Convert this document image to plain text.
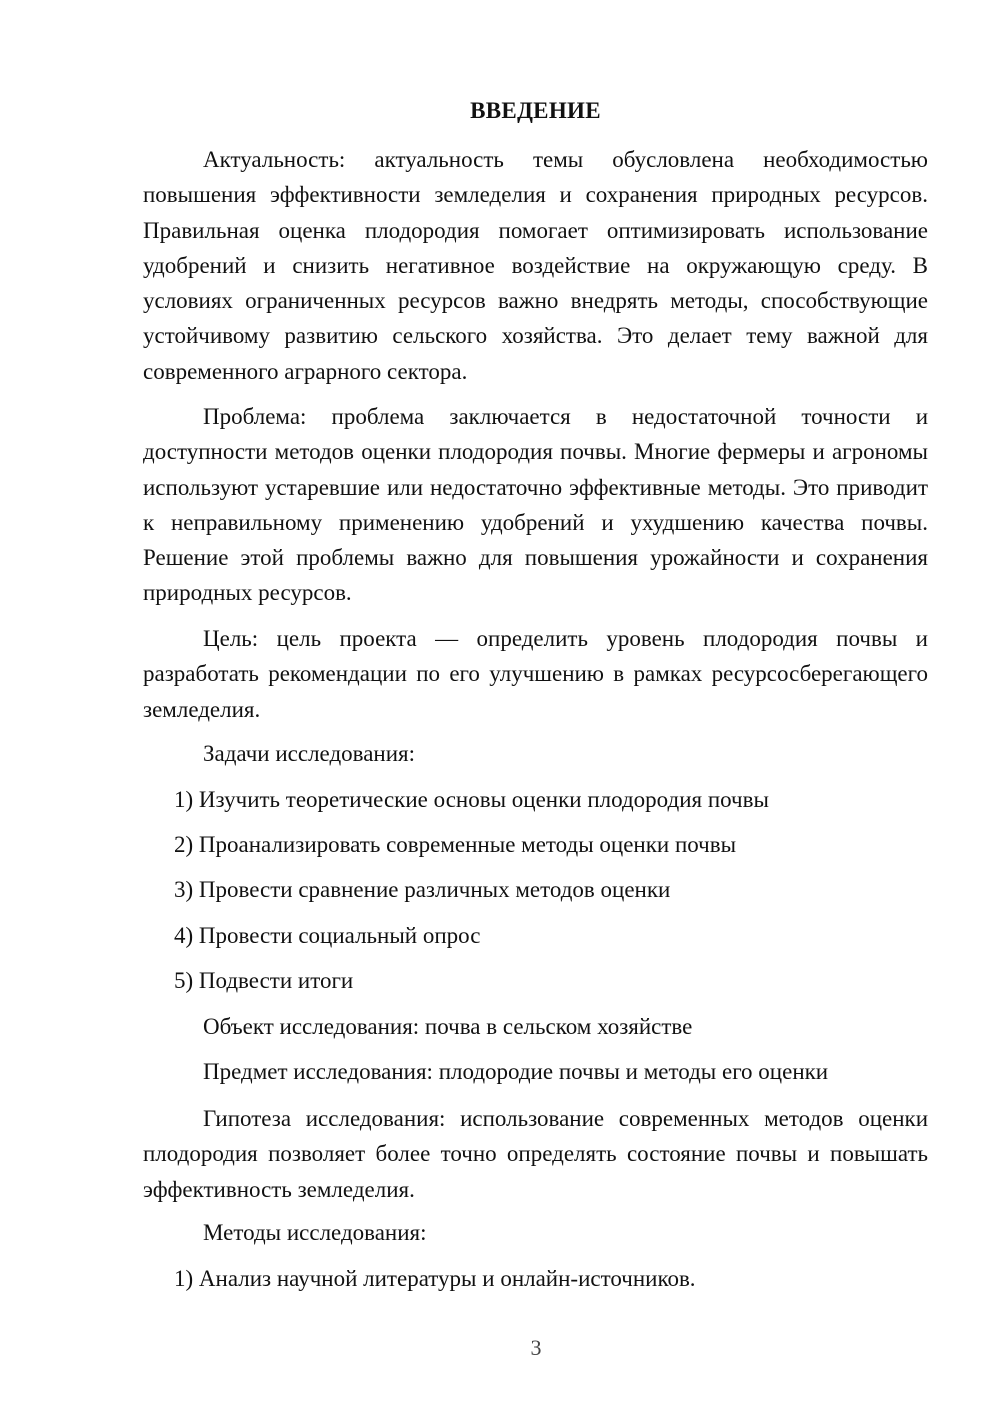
ВВЕДЕНИЕ

Актуальность: актуальность темы обусловлена необходимостью повышения эффективности земледелия и сохранения природных ресурсов. Правильная оценка плодородия помогает оптимизировать использование удобрений и снизить негативное воздействие на окружающую среду. В условиях ограниченных ресурсов важно внедрять методы, способствующие устойчивому развитию сельского хозяйства. Это делает тему важной для современного аграрного сектора.

Проблема: проблема заключается в недостаточной точности и доступности методов оценки плодородия почвы. Многие фермеры и агрономы используют устаревшие или недостаточно эффективные методы. Это приводит к неправильному применению удобрений и ухудшению качества почвы. Решение этой проблемы важно для повышения урожайности и сохранения природных ресурсов.

Цель: цель проекта — определить уровень плодородия почвы и разработать рекомендации по его улучшению в рамках ресурсосберегающего земледелия.

Задачи исследования:

1) Изучить теоретические основы оценки плодородия почвы

2) Проанализировать современные методы оценки почвы

3) Провести сравнение различных методов оценки

4) Провести социальный опрос

5) Подвести итоги

Объект исследования: почва в сельском хозяйстве

Предмет исследования: плодородие почвы и методы его оценки

Гипотеза исследования: использование современных методов оценки плодородия позволяет более точно определять состояние почвы и повышать эффективность земледелия.

Методы исследования:

1) Анализ научной литературы и онлайн-источников.

3
